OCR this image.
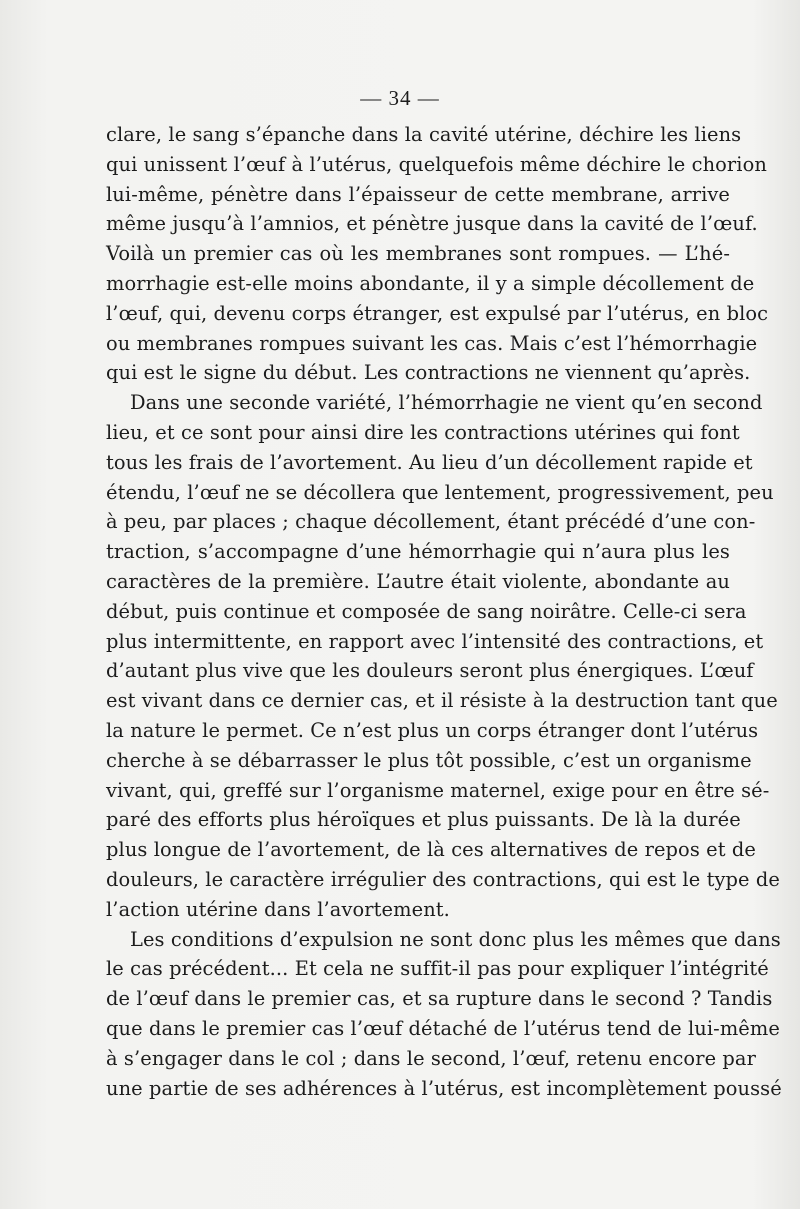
— 34 —
clare, le sang s’épanche dans la cavité utérine, déchire les liens
qui unissent l’œuf à l’utérus, quelquefois même déchire le chorion
lui-même, pénètre dans l’épaisseur de cette membrane, arrive
même jusqu’à l’amnios, et pénètre jusque dans la cavité de l’œuf.
Voilà un premier cas où les membranes sont rompues. — L’hé-
morrhagie est-elle moins abondante, il y a simple décollement de
l’œuf, qui, devenu corps étranger, est expulsé par l’utérus, en bloc
ou membranes rompues suivant les cas. Mais c’est l’hémorrhagie
qui est le signe du début. Les contractions ne viennent qu’après.
Dans une seconde variété, l’hémorrhagie ne vient qu’en second
lieu, et ce sont pour ainsi dire les contractions utérines qui font
tous les frais de l’avortement. Au lieu d’un décollement rapide et
étendu, l’œuf ne se décollera que lentement, progressivement, peu
à peu, par places ; chaque décollement, étant précédé d’une con-
traction, s’accompagne d’une hémorrhagie qui n’aura plus les
caractères de la première. L’autre était violente, abondante au
début, puis continue et composée de sang noirâtre. Celle-ci sera
plus intermittente, en rapport avec l’intensité des contractions, et
d’autant plus vive que les douleurs seront plus énergiques. L’œuf
est vivant dans ce dernier cas, et il résiste à la destruction tant que
la nature le permet. Ce n’est plus un corps étranger dont l’utérus
cherche à se débarrasser le plus tôt possible, c’est un organisme
vivant, qui, greffé sur l’organisme maternel, exige pour en être sé-
paré des efforts plus héroïques et plus puissants. De là la durée
plus longue de l’avortement, de là ces alternatives de repos et de
douleurs, le caractère irrégulier des contractions, qui est le type de
l’action utérine dans l’avortement.
Les conditions d’expulsion ne sont donc plus les mêmes que dans
le cas précédent... Et cela ne suffit-il pas pour expliquer l’intégrité
de l’œuf dans le premier cas, et sa rupture dans le second ? Tandis
que dans le premier cas l’œuf détaché de l’utérus tend de lui-même
à s’engager dans le col ; dans le second, l’œuf, retenu encore par
une partie de ses adhérences à l’utérus, est incomplètement poussé
